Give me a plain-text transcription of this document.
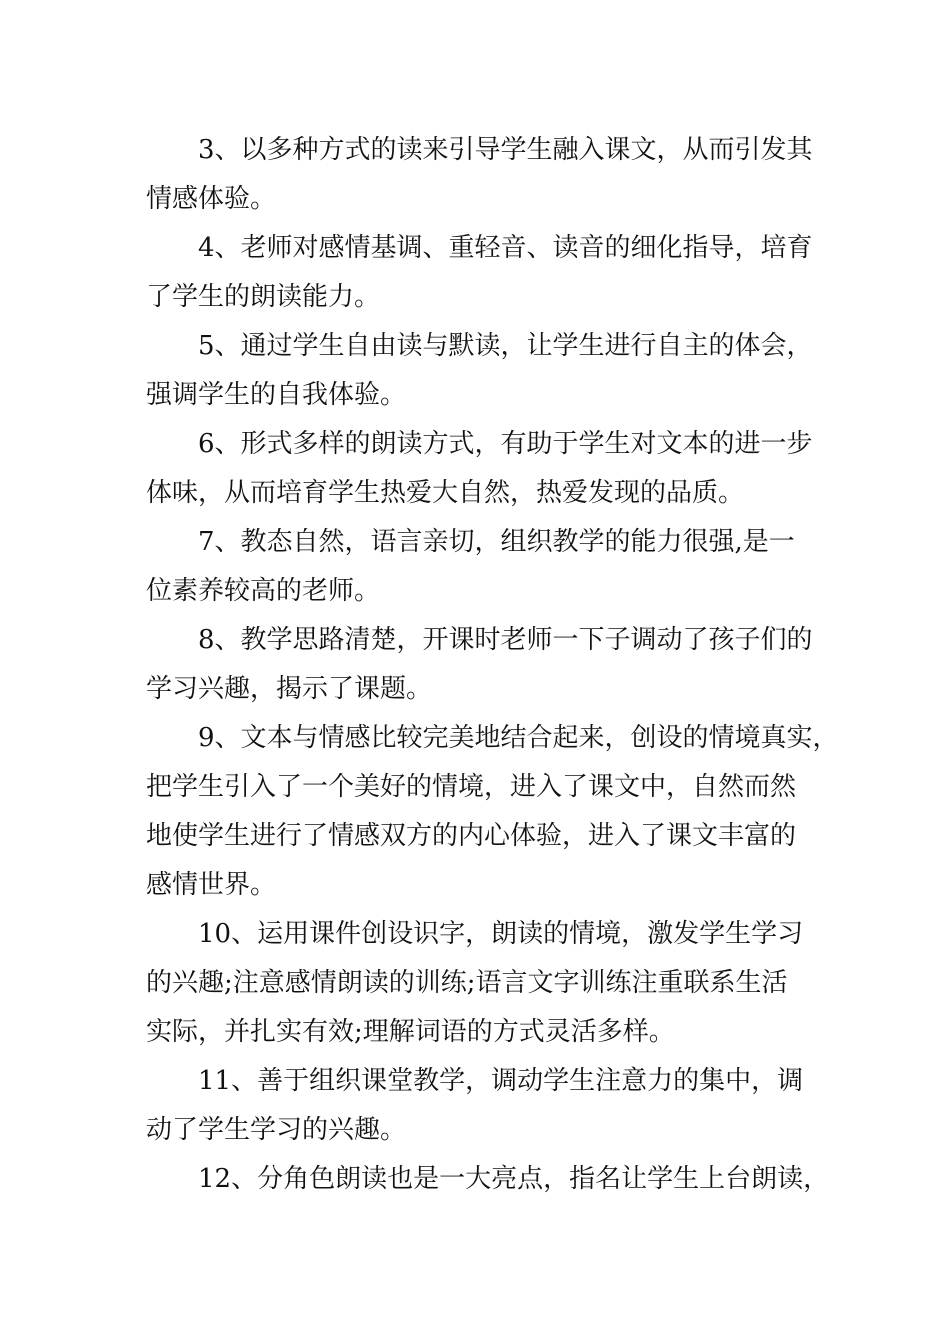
3、以多种方式的读来引导学生融入课文，从而引发其
情感体验。
4、老师对感情基调、重轻音、读音的细化指导，培育
了学生的朗读能力。
5、通过学生自由读与默读，让学生进行自主的体会，
强调学生的自我体验。
6、形式多样的朗读方式，有助于学生对文本的进一步
体味，从而培育学生热爱大自然，热爱发现的品质。
7、教态自然，语言亲切，组织教学的能力很强,是一
位素养较高的老师。
8、教学思路清楚，开课时老师一下子调动了孩子们的
学习兴趣，揭示了课题。
9、文本与情感比较完美地结合起来，创设的情境真实，
把学生引入了一个美好的情境，进入了课文中，自然而然
地使学生进行了情感双方的内心体验，进入了课文丰富的
感情世界。
10、运用课件创设识字，朗读的情境，激发学生学习
的兴趣;注意感情朗读的训练;语言文字训练注重联系生活
实际，并扎实有效;理解词语的方式灵活多样。
11、善于组织课堂教学，调动学生注意力的集中，调
动了学生学习的兴趣。
12、分角色朗读也是一大亮点，指名让学生上台朗读，
